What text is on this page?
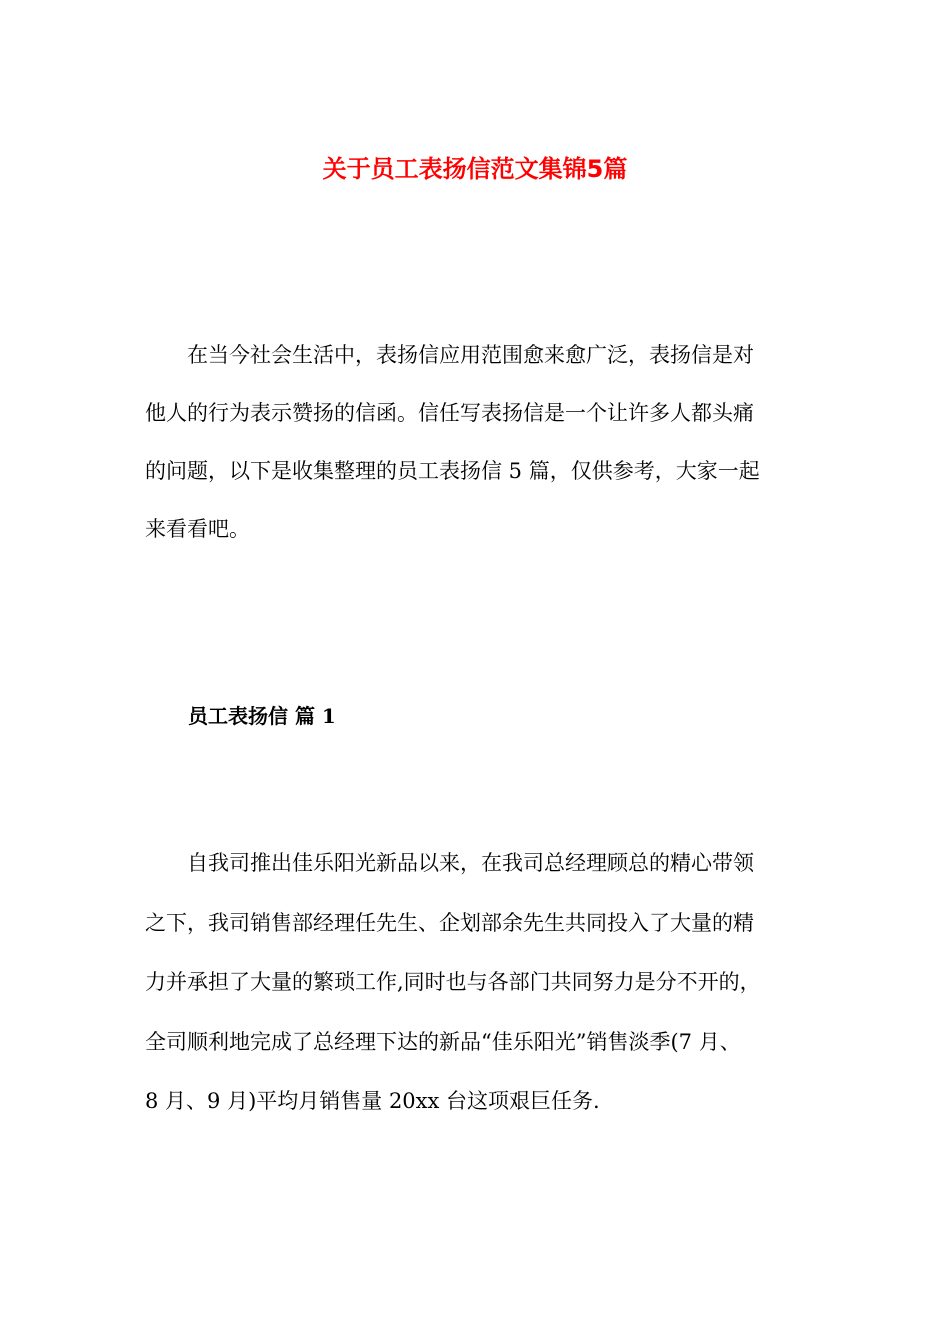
关于员工表扬信范文集锦5篇

在当今社会生活中，表扬信应用范围愈来愈广泛，表扬信是对
他人的行为表示赞扬的信函。信任写表扬信是一个让许多人都头痛
的问题，以下是收集整理的员工表扬信 5 篇，仅供参考，大家一起
来看看吧。

员工表扬信 篇 1

自我司推出佳乐阳光新品以来，在我司总经理顾总的精心带领
之下，我司销售部经理任先生、企划部余先生共同投入了大量的精
力并承担了大量的繁琐工作,同时也与各部门共同努力是分不开的，
全司顺利地完成了总经理下达的新品“佳乐阳光”销售淡季(7 月、
8 月、9 月)平均月销售量 20xx 台这项艰巨任务.
